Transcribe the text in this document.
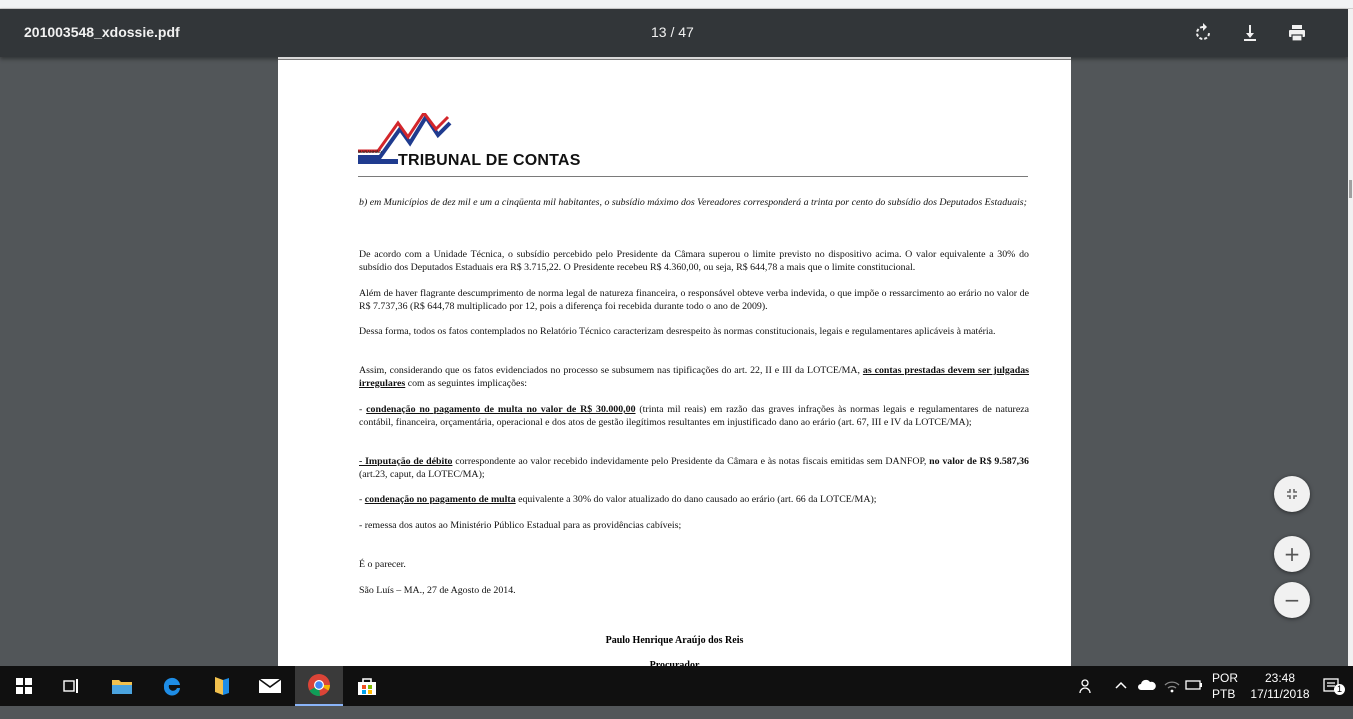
201003548_xdossie.pdf	13 / 47
MARANHÃO
TRIBUNAL DE CONTAS
b) em Municípios de dez mil e um a cinqüenta mil habitantes, o subsídio máximo dos Vereadores corresponderá a trinta por cento do subsídio dos Deputados Estaduais;
De acordo com a Unidade Técnica, o subsídio percebido pelo Presidente da Câmara superou o limite previsto no dispositivo acima. O valor equivalente a 30% do subsídio dos Deputados Estaduais era R$ 3.715,22. O Presidente recebeu R$ 4.360,00, ou seja, R$ 644,78 a mais que o limite constitucional.
Além de haver flagrante descumprimento de norma legal de natureza financeira, o responsável obteve verba indevida, o que impõe o ressarcimento ao erário no valor de R$ 7.737,36 (R$ 644,78 multiplicado por 12, pois a diferença foi recebida durante todo o ano de 2009).
Dessa forma, todos os fatos contemplados no Relatório Técnico caracterizam desrespeito às normas constitucionais, legais e regulamentares aplicáveis à matéria.
Assim, considerando que os fatos evidenciados no processo se subsumem nas tipificações do art. 22, II e III da LOTCE/MA, as contas prestadas devem ser julgadas irregulares com as seguintes implicações:
- condenação no pagamento de multa no valor de R$ 30.000,00 (trinta mil reais) em razão das graves infrações às normas legais e regulamentares de natureza contábil, financeira, orçamentária, operacional e dos atos de gestão ilegítimos resultantes em injustificado dano ao erário (art. 67, III e IV da LOTCE/MA);
- Imputação de débito correspondente ao valor recebido indevidamente pelo Presidente da Câmara e às notas fiscais emitidas sem DANFOP, no valor de R$ 9.587,36 (art.23, caput, da LOTEC/MA);
- condenação no pagamento de multa equivalente a 30% do valor atualizado do dano causado ao erário (art. 66 da LOTCE/MA);
- remessa dos autos ao Ministério Público Estadual para as providências cabíveis;
É o parecer.
São Luís – MA., 27 de Agosto de 2014.
Paulo Henrique Araújo dos Reis
+
−
POR
PTB
23:48
17/11/2018	1
